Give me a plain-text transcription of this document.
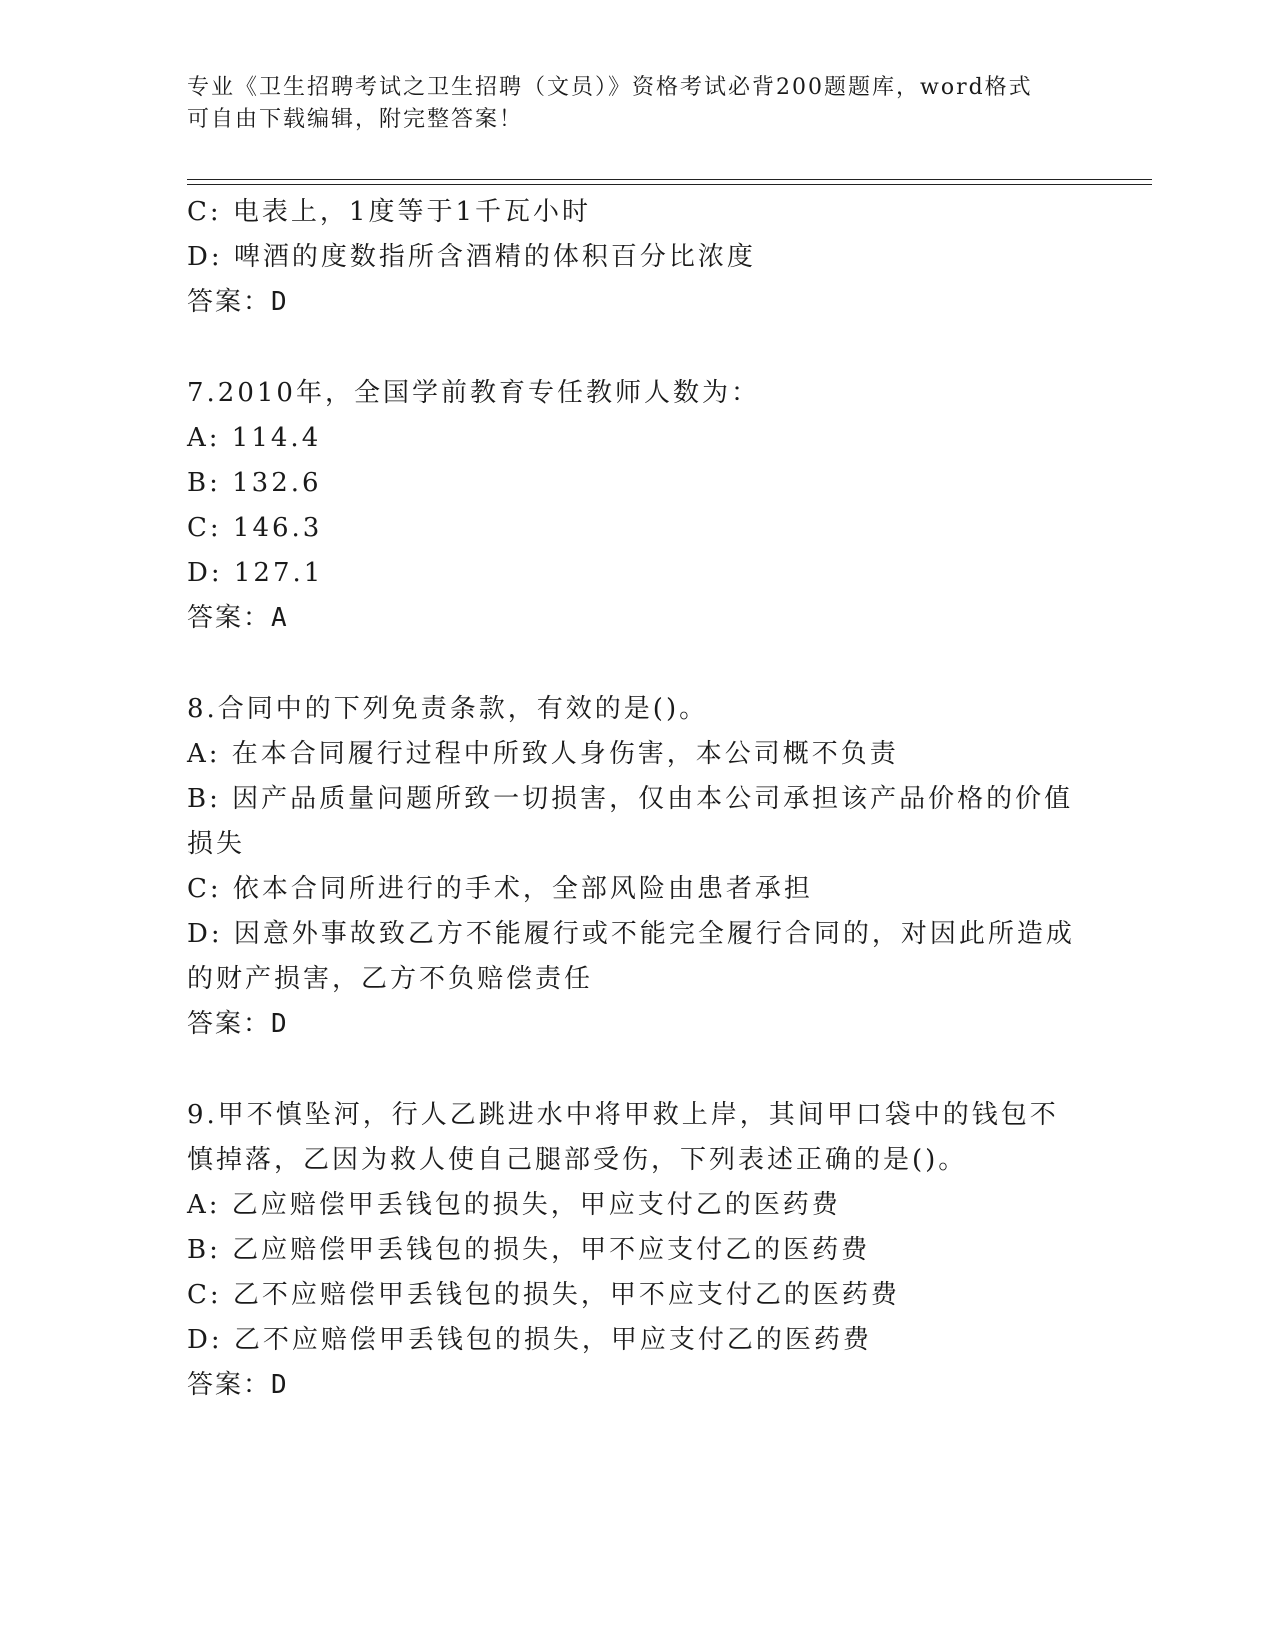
专业《卫生招聘考试之卫生招聘（文员）》资格考试必背200题题库，word格式
可自由下载编辑，附完整答案！
C: 电表上，1度等于1千瓦小时
D: 啤酒的度数指所含酒精的体积百分比浓度
答案：D
7.2010年，全国学前教育专任教师人数为：
A: 114.4
B: 132.6
C: 146.3
D: 127.1
答案：A
8.合同中的下列免责条款，有效的是()。
A: 在本合同履行过程中所致人身伤害，本公司概不负责
B: 因产品质量问题所致一切损害，仅由本公司承担该产品价格的价值
损失
C: 依本合同所进行的手术，全部风险由患者承担
D: 因意外事故致乙方不能履行或不能完全履行合同的，对因此所造成
的财产损害，乙方不负赔偿责任
答案：D
9.甲不慎坠河，行人乙跳进水中将甲救上岸，其间甲口袋中的钱包不
慎掉落，乙因为救人使自己腿部受伤，下列表述正确的是()。
A: 乙应赔偿甲丢钱包的损失，甲应支付乙的医药费
B: 乙应赔偿甲丢钱包的损失，甲不应支付乙的医药费
C: 乙不应赔偿甲丢钱包的损失，甲不应支付乙的医药费
D: 乙不应赔偿甲丢钱包的损失，甲应支付乙的医药费
答案：D
